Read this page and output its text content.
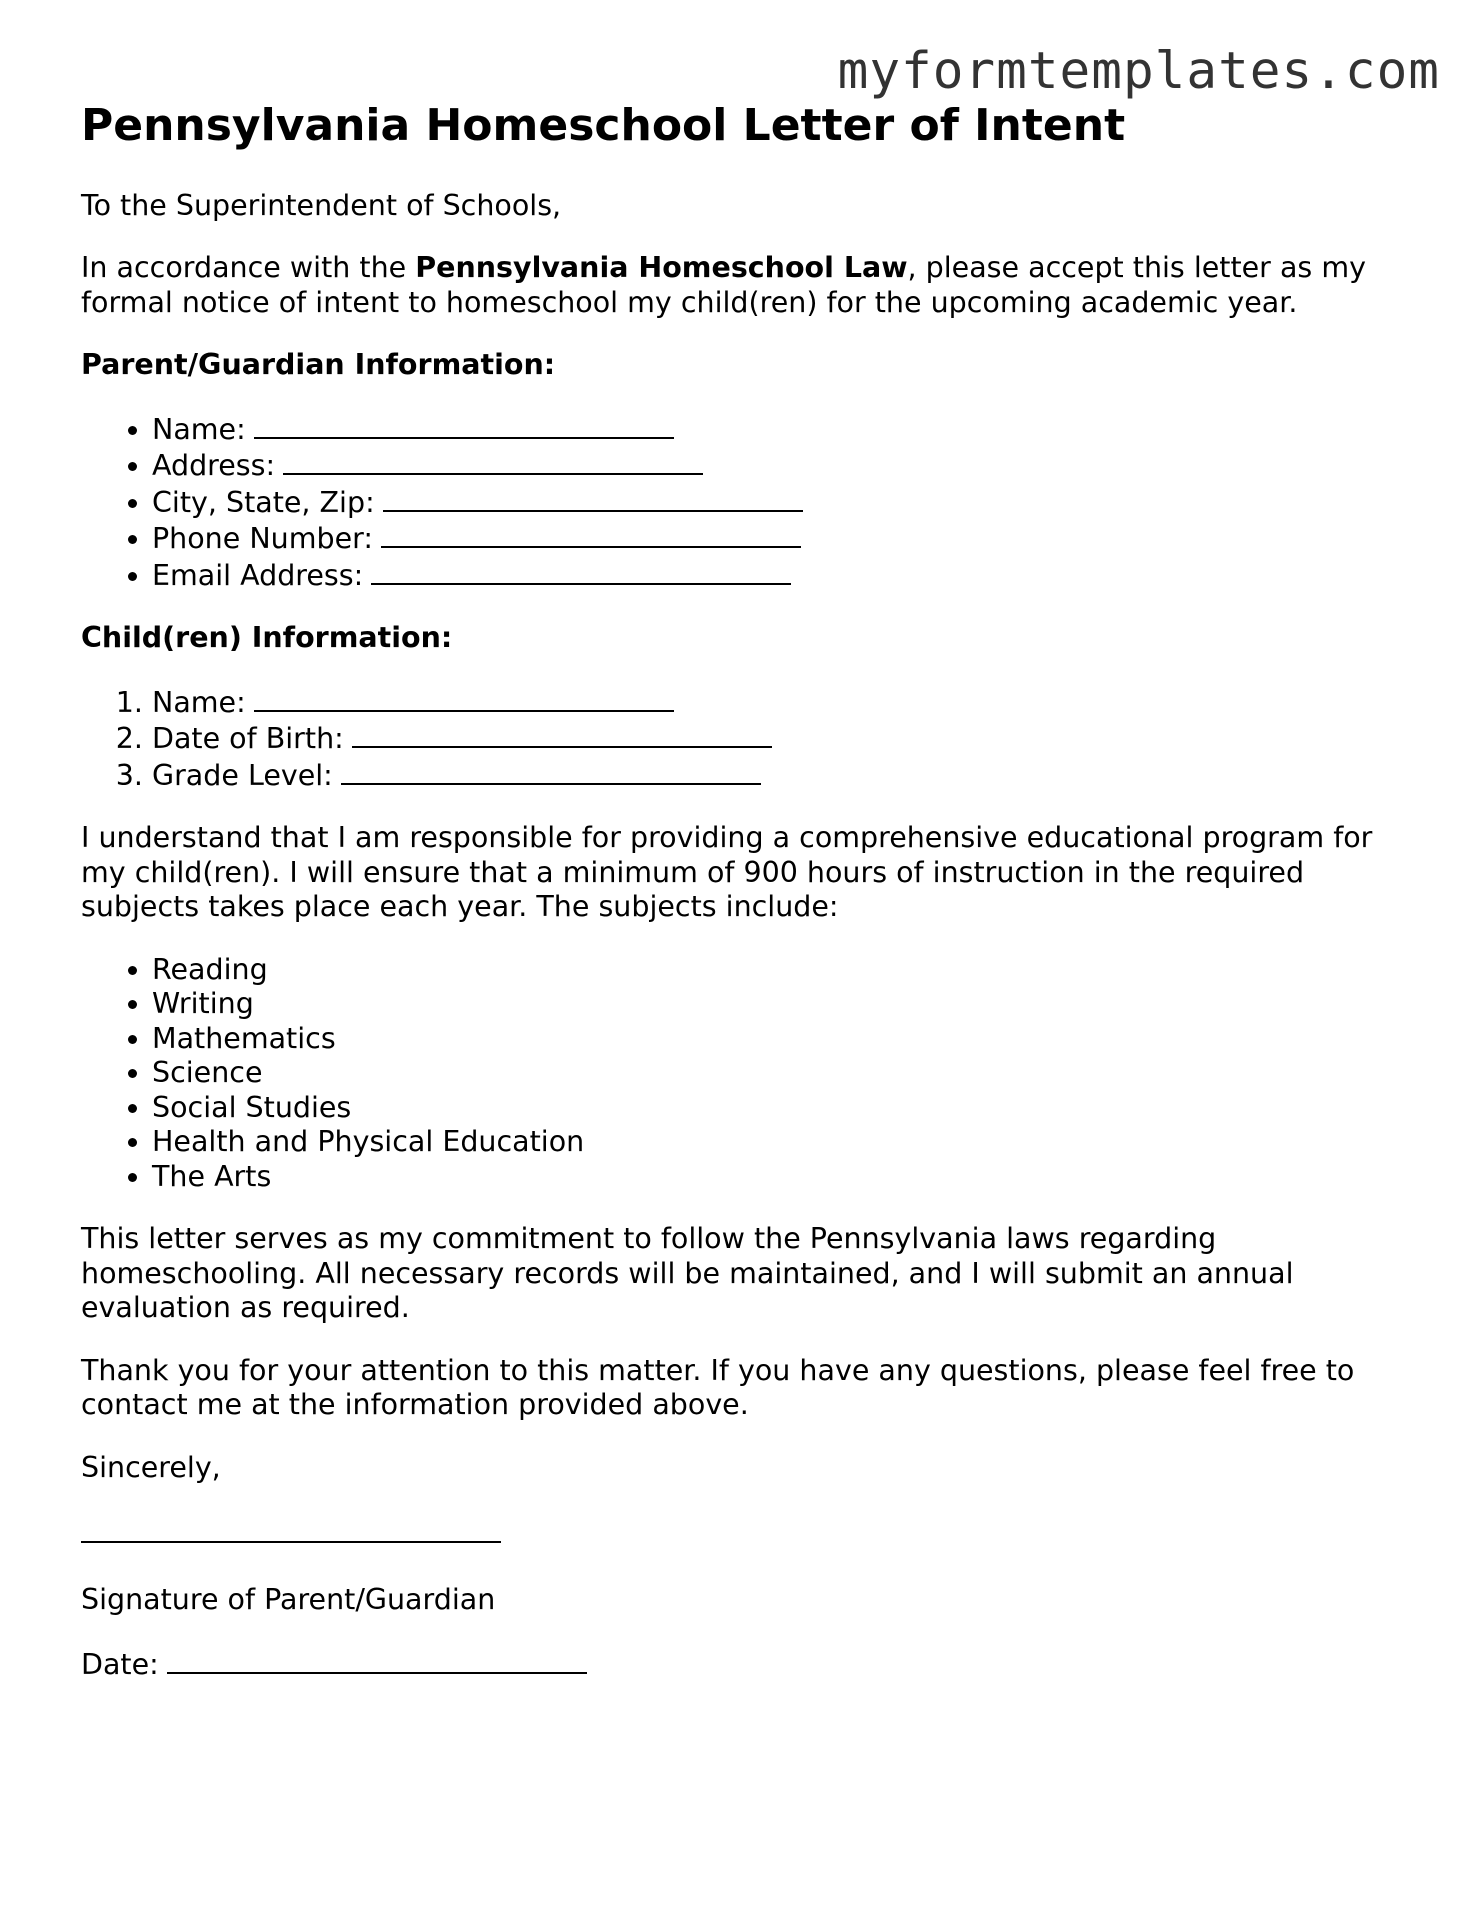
myformtemplates.com
Pennsylvania Homeschool Letter of Intent

To the Superintendent of Schools,

In accordance with the Pennsylvania Homeschool Law, please accept this letter as my formal notice of intent to homeschool my child(ren) for the upcoming academic year.

Parent/Guardian Information:
• Name:
• Address:
• City, State, Zip:
• Phone Number:
• Email Address:
Child(ren) Information:
1. Name:
2. Date of Birth:
3. Grade Level:

I understand that I am responsible for providing a comprehensive educational program for my child(ren). I will ensure that a minimum of 900 hours of instruction in the required subjects takes place each year. The subjects include:

• Reading
• Writing
• Mathematics
• Science
• Social Studies
• Health and Physical Education
• The Arts

This letter serves as my commitment to follow the Pennsylvania laws regarding homeschooling. All necessary records will be maintained, and I will submit an annual evaluation as required.

Thank you for your attention to this matter. If you have any questions, please feel free to contact me at the information provided above.

Sincerely,

Signature of Parent/Guardian

Date:
